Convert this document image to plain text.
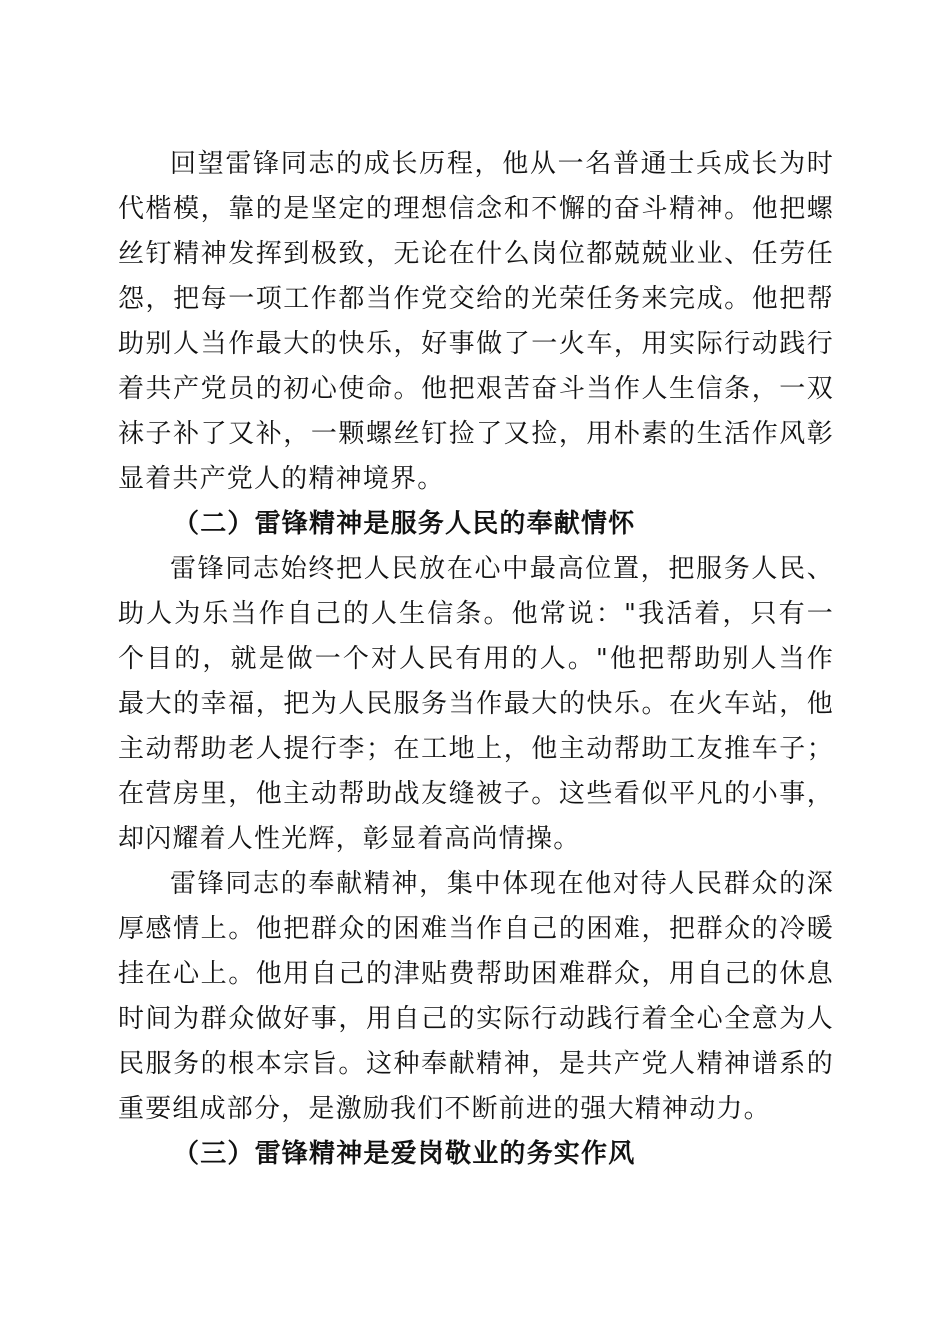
回望雷锋同志的成长历程，他从一名普通士兵成长为时代楷模，靠的是坚定的理想信念和不懈的奋斗精神。他把螺丝钉精神发挥到极致，无论在什么岗位都兢兢业业、任劳任怨，把每一项工作都当作党交给的光荣任务来完成。他把帮助别人当作最大的快乐，好事做了一火车，用实际行动践行着共产党员的初心使命。他把艰苦奋斗当作人生信条，一双袜子补了又补，一颗螺丝钉捡了又捡，用朴素的生活作风彰显着共产党人的精神境界。

（二）雷锋精神是服务人民的奉献情怀

雷锋同志始终把人民放在心中最高位置，把服务人民、助人为乐当作自己的人生信条。他常说："我活着，只有一个目的，就是做一个对人民有用的人。"他把帮助别人当作最大的幸福，把为人民服务当作最大的快乐。在火车站，他主动帮助老人提行李；在工地上，他主动帮助工友推车子；在营房里，他主动帮助战友缝被子。这些看似平凡的小事，却闪耀着人性光辉，彰显着高尚情操。

雷锋同志的奉献精神，集中体现在他对待人民群众的深厚感情上。他把群众的困难当作自己的困难，把群众的冷暖挂在心上。他用自己的津贴费帮助困难群众，用自己的休息时间为群众做好事，用自己的实际行动践行着全心全意为人民服务的根本宗旨。这种奉献精神，是共产党人精神谱系的重要组成部分，是激励我们不断前进的强大精神动力。

（三）雷锋精神是爱岗敬业的务实作风
